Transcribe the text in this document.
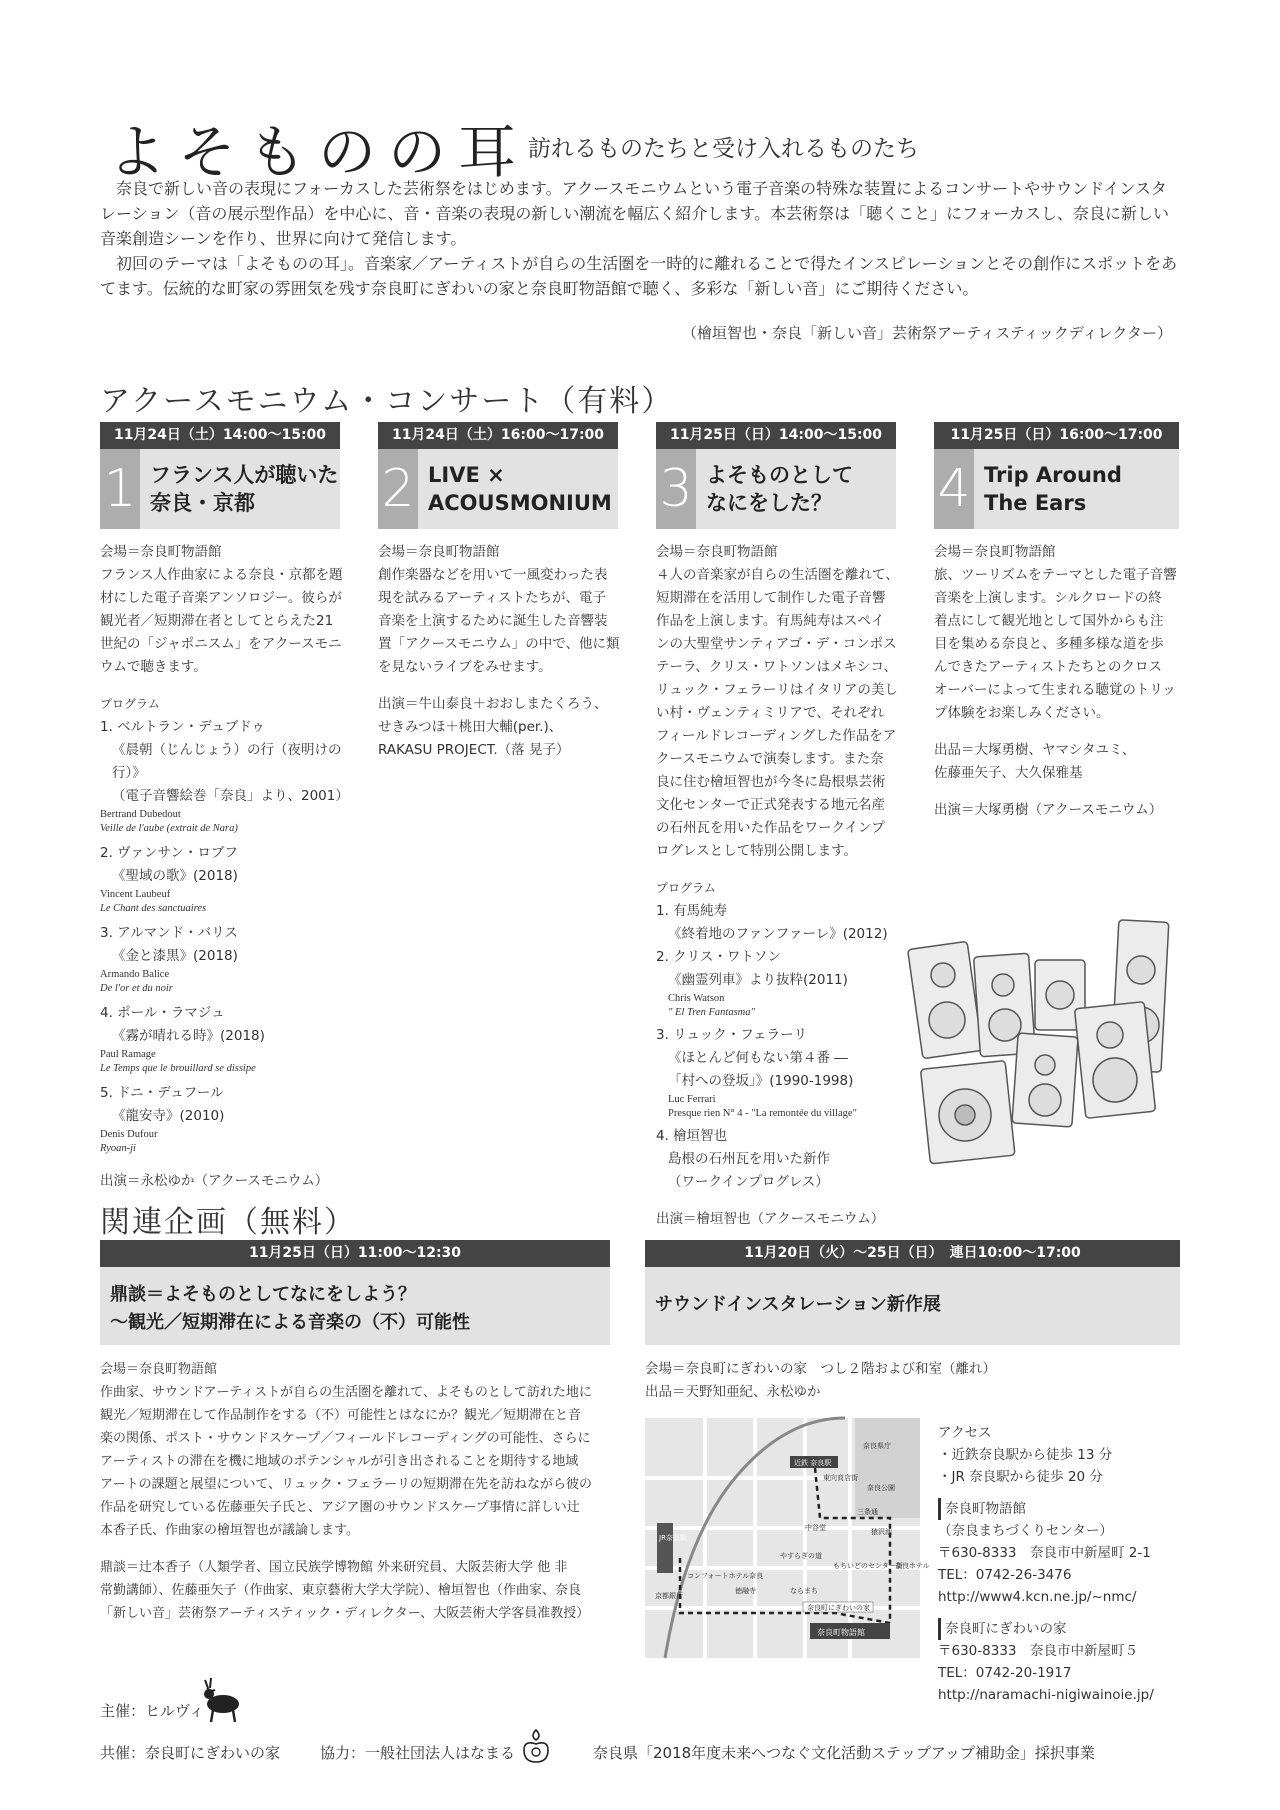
よそものの耳 訪れるものたちと受け入れるものたち

奈良で新しい音の表現にフォーカスした芸術祭をはじめます。アクースモニウムという電子音楽の特殊な装置によるコンサートやサウンドインスタレーション（音の展示型作品）を中心に、音・音楽の表現の新しい潮流を幅広く紹介します。本芸術祭は「聴くこと」にフォーカスし、奈良に新しい音楽創造シーンを作り、世界に向けて発信します。

初回のテーマは「よそものの耳」。音楽家／アーティストが自らの生活圏を一時的に離れることで得たインスピレーションとその創作にスポットをあてます。伝統的な町家の雰囲気を残す奈良町にぎわいの家と奈良町物語館で聴く、多彩な「新しい音」にご期待ください。

（檜垣智也・奈良「新しい音」芸術祭アーティスティックディレクター）
アクースモニウム・コンサート（有料）
11月24日（土）14:00〜15:00
1 フランス人が聴いた
奈良・京都
会場＝奈良町物語館
フランス人作曲家による奈良・京都を題
材にした電子音楽アンソロジー。彼らが
観光者／短期滞在者としてとらえた21
世紀の「ジャポニスム」をアクースモニ
ウムで聴きます。
プログラム
1. ベルトラン・デュブドゥ
《晨朝（じんじょう）の行（夜明けの行）》
（電子音響絵巻「奈良」より、2001）
Bertrand Dubedout
Veille de l'aube (extrait de Nara)
2. ヴァンサン・ロブフ
《聖域の歌》(2018)
Vincent Laubeuf
Le Chant des sanctuaires
3. アルマンド・バリス
《金と漆黒》(2018)
Armando Balice
De l'or et du noir
4. ポール・ラマジュ
《霧が晴れる時》(2018)
Paul Ramage
Le Temps que le brouillard se dissipe
5. ドニ・デュフール
《龍安寺》(2010)
Denis Dufour
Ryoan-ji
出演＝永松ゆか（アクースモニウム）
11月24日（土）16:00〜17:00
2 LIVE ×
ACOUSMONIUM
会場＝奈良町物語館
創作楽器などを用いて一風変わった表
現を試みるアーティストたちが、電子
音楽を上演するために誕生した音響装
置「アクースモニウム」の中で、他に類
を見ないライブをみせます。
出演＝牛山泰良＋おおしまたくろう、
せきみつほ＋桃田大輔(per.)、
RAKASU PROJECT.（落 晃子）
11月25日（日）14:00〜15:00
3 よそものとして
なにをした？
会場＝奈良町物語館
４人の音楽家が自らの生活圏を離れて、
短期滞在を活用して制作した電子音響
作品を上演します。有馬純寿はスペイ
ンの大聖堂サンティアゴ・デ・コンポス
テーラ、クリス・ワトソンはメキシコ、
リュック・フェラーリはイタリアの美し
い村・ヴェンティミリアで、それぞれ
フィールドレコーディングした作品をア
クースモニウムで演奏します。また奈
良に住む檜垣智也が今冬に島根県芸術
文化センターで正式発表する地元名産
の石州瓦を用いた作品をワークインプ
ログレスとして特別公開します。
プログラム
1. 有馬純寿
《終着地のファンファーレ》(2012)
2. クリス・ワトソン
《幽霊列車》より抜粋(2011)
Chris Watson
" El Tren Fantasma"
3. リュック・フェラーリ
《ほとんど何もない第４番 ―
「村への登坂」》(1990-1998)
Luc Ferrari
Presque rien N° 4 - "La remontée du village"
4. 檜垣智也
島根の石州瓦を用いた新作
（ワークインプログレス）
出演＝檜垣智也（アクースモニウム）
11月25日（日）16:00〜17:00
4 Trip Around
The Ears
会場＝奈良町物語館
旅、ツーリズムをテーマとした電子音響
音楽を上演します。シルクロードの終
着点にして観光地として国外からも注
目を集める奈良と、多種多様な道を歩
んできたアーティストたちとのクロス
オーバーによって生まれる聴覚のトリッ
プ体験をお楽しみください。
出品＝大塚勇樹、ヤマシタユミ、
佐藤亜矢子、大久保雅基
出演＝大塚勇樹（アクースモニウム）
関連企画（無料）
11月25日（日）11:00〜12:30
鼎談＝よそものとしてなにをしよう？
〜観光／短期滞在による音楽の（不）可能性
会場＝奈良町物語館
作曲家、サウンドアーティストが自らの生活圏を離れて、よそものとして訪れた地に
観光／短期滞在して作品制作をする（不）可能性とはなにか？観光／短期滞在と音
楽の関係、ポスト・サウンドスケープ／フィールドレコーディングの可能性、さらに
アーティストの滞在を機に地域のポテンシャルが引き出されることを期待する地域
アートの課題と展望について、リュック・フェラーリの短期滞在先を訪ねながら彼の
作品を研究している佐藤亜矢子氏と、アジア圏のサウンドスケープ事情に詳しい辻
本香子氏、作曲家の檜垣智也が議論します。
鼎談＝辻本香子（人類学者、国立民族学博物館 外来研究員、大阪芸術大学 他 非
常勤講師）、佐藤亜矢子（作曲家、東京藝術大学大学院）、檜垣智也（作曲家、奈良
「新しい音」芸術祭アーティスティック・ディレクター、大阪芸術大学客員准教授）
11月20日（火）〜25日（日）　連日10:00〜17:00
サウンドインスタレーション新作展
会場＝奈良町にぎわいの家　つし２階および和室（離れ）
出品＝天野知亜紀、永松ゆか
近鉄 奈良駅
東向商店街
奈良公園
三条通
猿沢池
中谷堂
やすらぎの道
もちいどのセンター街
コンフォートホテル奈良
徳融寺	ならまち
奈良県庁
奈良ホテル
京都銀行
奈良町にぎわいの家
奈良町物語館
JR奈良駅
アクセス
・近鉄奈良駅から徒歩 13 分
・JR 奈良駅から徒歩 20 分
奈良町物語館
（奈良まちづくりセンター）
〒630-8333　奈良市中新屋町 2-1
TEL：0742-26-3476
http://www4.kcn.ne.jp/~nmc/
奈良町にぎわいの家
〒630-8333　奈良市中新屋町５
TEL：0742-20-1917
http://naramachi-nigiwainoie.jp/
主催：ヒルヴィ
共催：奈良町にぎわいの家	協力：一般社団法人はなまる	奈良県「2018年度未来へつなぐ文化活動ステップアップ補助金」採択事業
